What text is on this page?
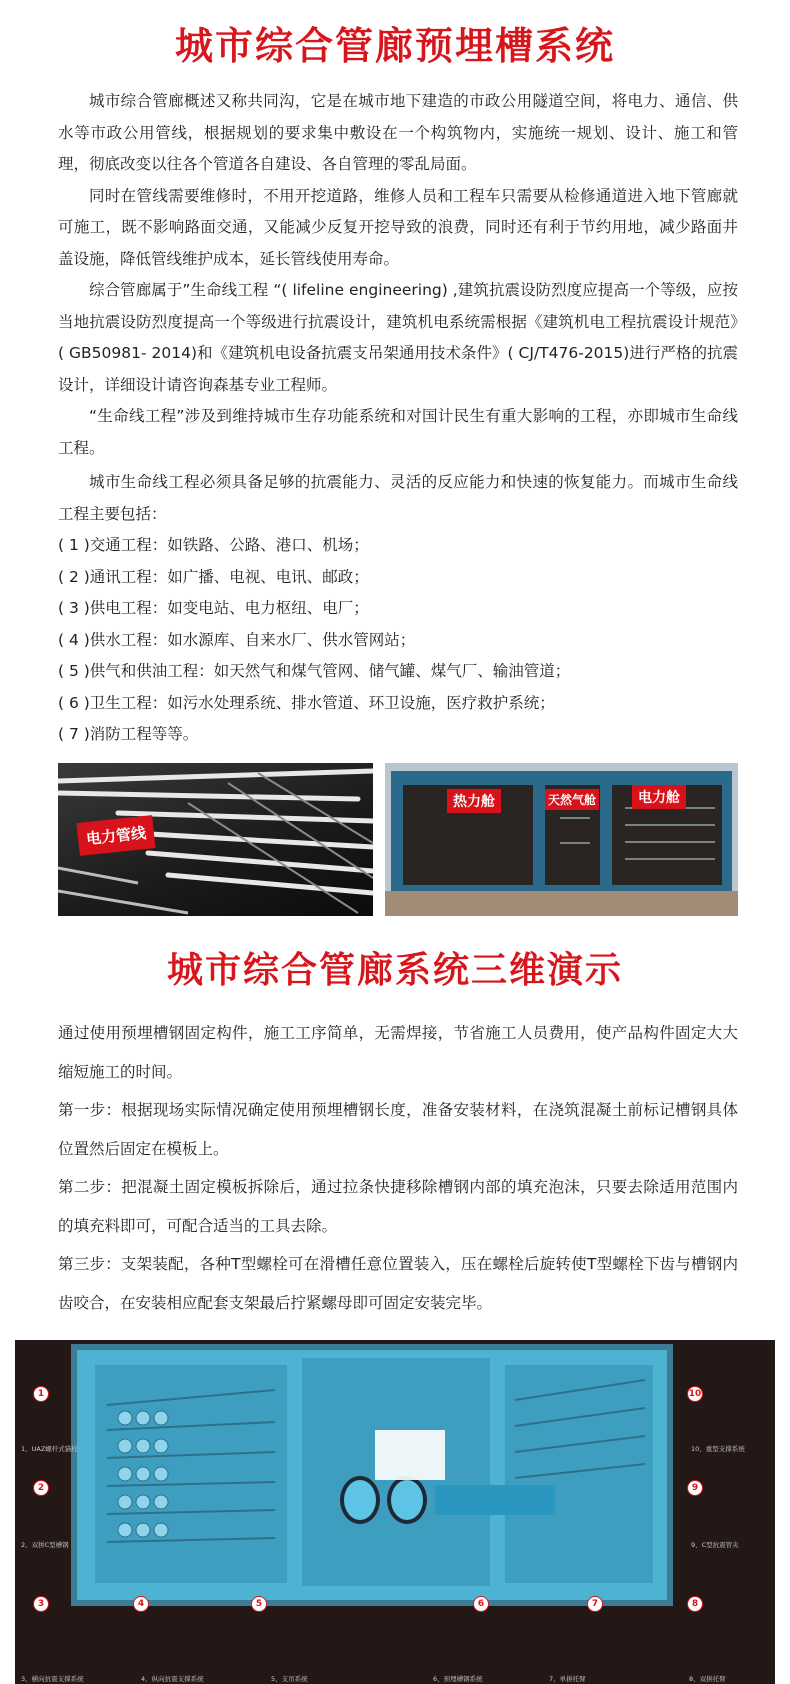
城市综合管廊预埋槽系统

城市综合管廊概述又称共同沟，它是在城市地下建造的市政公用隧道空间，将电力、通信、供水等市政公用管线，根据规划的要求集中敷设在一个构筑物内，实施统一规划、设计、施工和管理，彻底改变以往各个管道各自建设、各自管理的零乱局面。

同时在管线需要维修时，不用开挖道路，维修人员和工程车只需要从检修通道进入地下管廊就可施工，既不影响路面交通，又能减少反复开挖导致的浪费，同时还有利于节约用地，减少路面井盖设施，降低管线维护成本，延长管线使用寿命。

综合管廊属于”生命线工程 “( lifeline engineering) ,建筑抗震设防烈度应提高一个等级，应按当地抗震设防烈度提高一个等级进行抗震设计，建筑机电系统需根据《建筑机电工程抗震设计规范》( GB50981- 2014)和《建筑机电设备抗震支吊架通用技术条件》( CJ/T476-2015)进行严格的抗震设计，详细设计请咨询森基专业工程师。

“生命线工程”涉及到维持城市生存功能系统和对国计民生有重大影响的工程，亦即城市生命线工程。

城市生命线工程必须具备足够的抗震能力、灵活的反应能力和快速的恢复能力。而城市生命线工程主要包括：

( 1 )交通工程：如铁路、公路、港口、机场；
( 2 )通讯工程：如广播、电视、电讯、邮政；
( 3 )供电工程：如变电站、电力枢纽、电厂；
( 4 )供水工程：如水源库、自来水厂、供水管网站；
( 5 )供气和供油工程：如天然气和煤气管网、储气罐、煤气厂、输油管道；
( 6 )卫生工程：如污水处理系统、排水管道、环卫设施，医疗救护系统；
( 7 )消防工程等等。
电力管线
热力舱	天然气舱	电力舱
城市综合管廊系统三维演示

通过使用预埋槽钢固定构件，施工工序简单，无需焊接，节省施工人员费用，使产品构件固定大大缩短施工的时间。

第一步：根据现场实际情况确定使用预埋槽钢长度，准备安装材料，在浇筑混凝土前标记槽钢具体位置然后固定在模板上。

第二步：把混凝土固定模板拆除后，通过拉条快捷移除槽钢内部的填充泡沫，只要去除适用范围内的填充料即可，可配合适当的工具去除。

第三步：支架装配，各种T型螺栓可在滑槽任意位置装入，压在螺栓后旋转使T型螺栓下齿与槽钢内齿咬合，在安装相应配套支架最后拧紧螺母即可固定安装完毕。

1
2
3	4	5	6	7	8
9
10
1、UAZ螺杆式锚栓
2、双拼C型槽钢
3、横向抗震支撑系统	4、纵向抗震支撑系统	5、支吊系统	6、预埋槽钢系统	7、单拼托臂	8、双拼托臂
9、C型抗震管夹
10、重型支撑系统
